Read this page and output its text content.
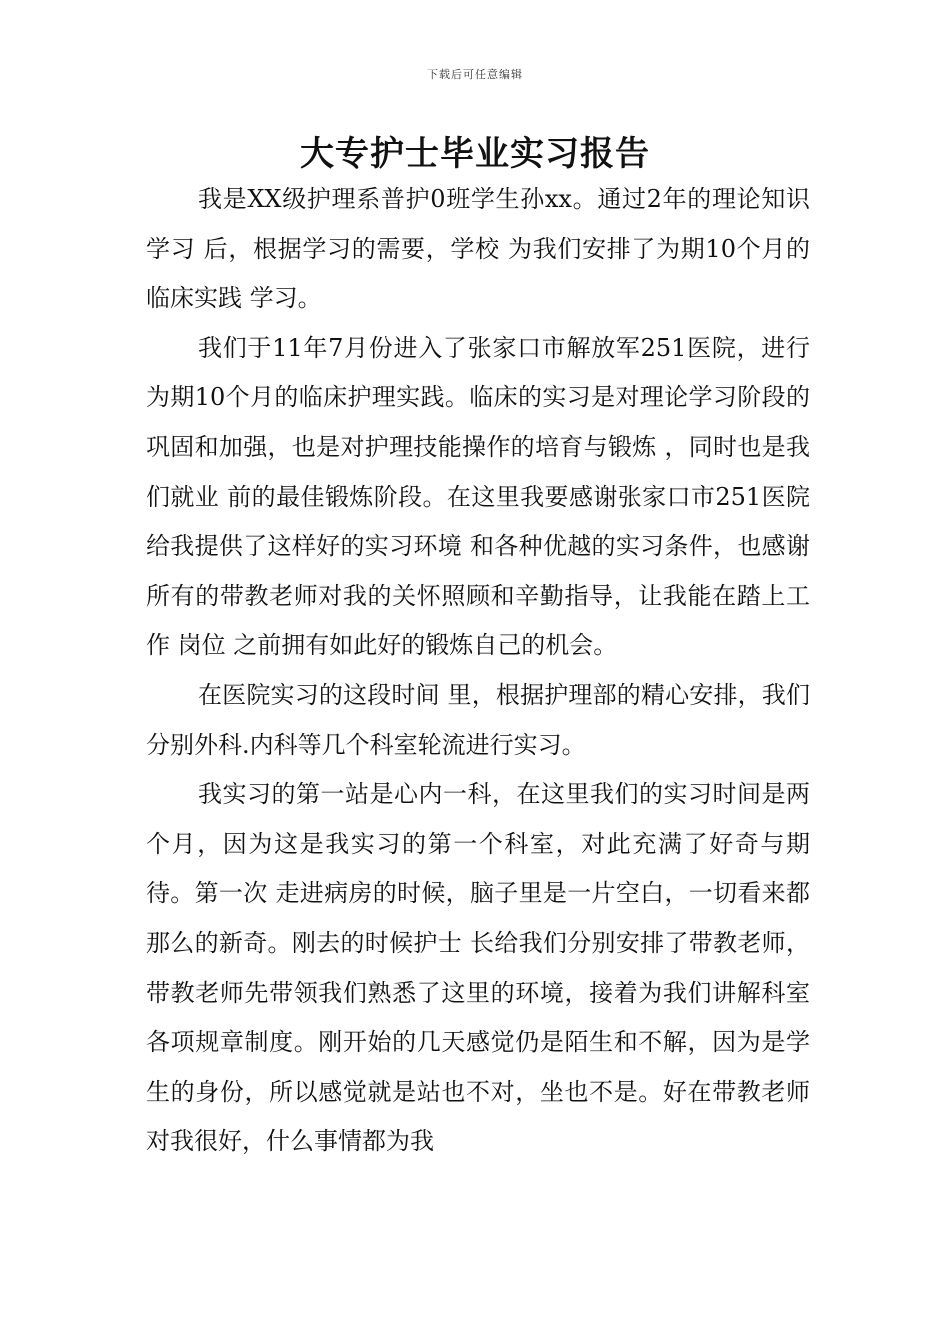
下载后可任意编辑
大专护士毕业实习报告

我是XX级护理系普护0班学生孙xx。通过2年的理论知识学习 后，根据学习的需要，学校 为我们安排了为期10个月的临床实践 学习。

我们于11年7月份进入了张家口市解放军251医院，进行为期10个月的临床护理实践。临床的实习是对理论学习阶段的巩固和加强，也是对护理技能操作的培育与锻炼 ，同时也是我们就业 前的最佳锻炼阶段。在这里我要感谢张家口市251医院给我提供了这样好的实习环境 和各种优越的实习条件，也感谢所有的带教老师对我的关怀照顾和辛勤指导，让我能在踏上工作 岗位 之前拥有如此好的锻炼自己的机会。

在医院实习的这段时间 里，根据护理部的精心安排，我们分别外科.内科等几个科室轮流进行实习。

我实习的第一站是心内一科，在这里我们的实习时间是两个月，因为这是我实习的第一个科室，对此充满了好奇与期待。第一次 走进病房的时候，脑子里是一片空白，一切看来都那么的新奇。刚去的时候护士 长给我们分别安排了带教老师，带教老师先带领我们熟悉了这里的环境，接着为我们讲解科室各项规章制度。刚开始的几天感觉仍是陌生和不解，因为是学生的身份，所以感觉就是站也不对，坐也不是。好在带教老师对我很好，什么事情都为我
